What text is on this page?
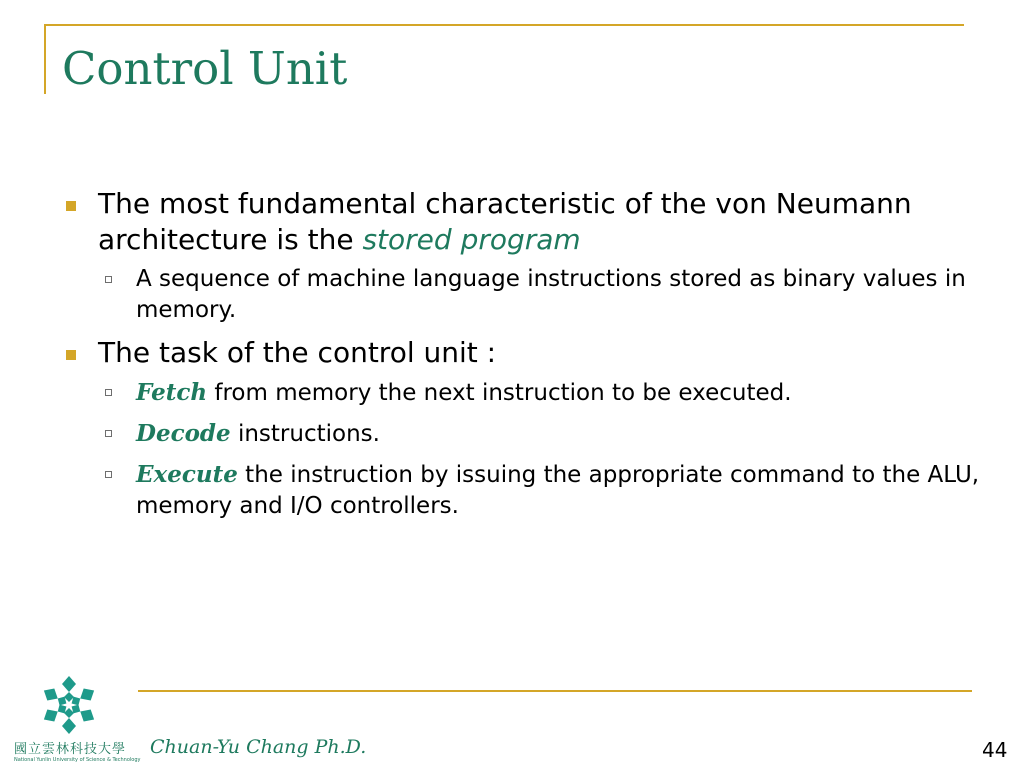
Control Unit
The most fundamental characteristic of the von Neumann architecture is the stored program
A sequence of machine language instructions stored as binary values in memory.
The task of the control unit :
Fetch from memory the next instruction to be executed.
Decode instructions.
Execute the instruction by issuing the appropriate command to the ALU, memory and I/O controllers.
國立雲林科技大學
National Yunlin University of Science & Technology
Chuan-Yu Chang Ph.D.	44
